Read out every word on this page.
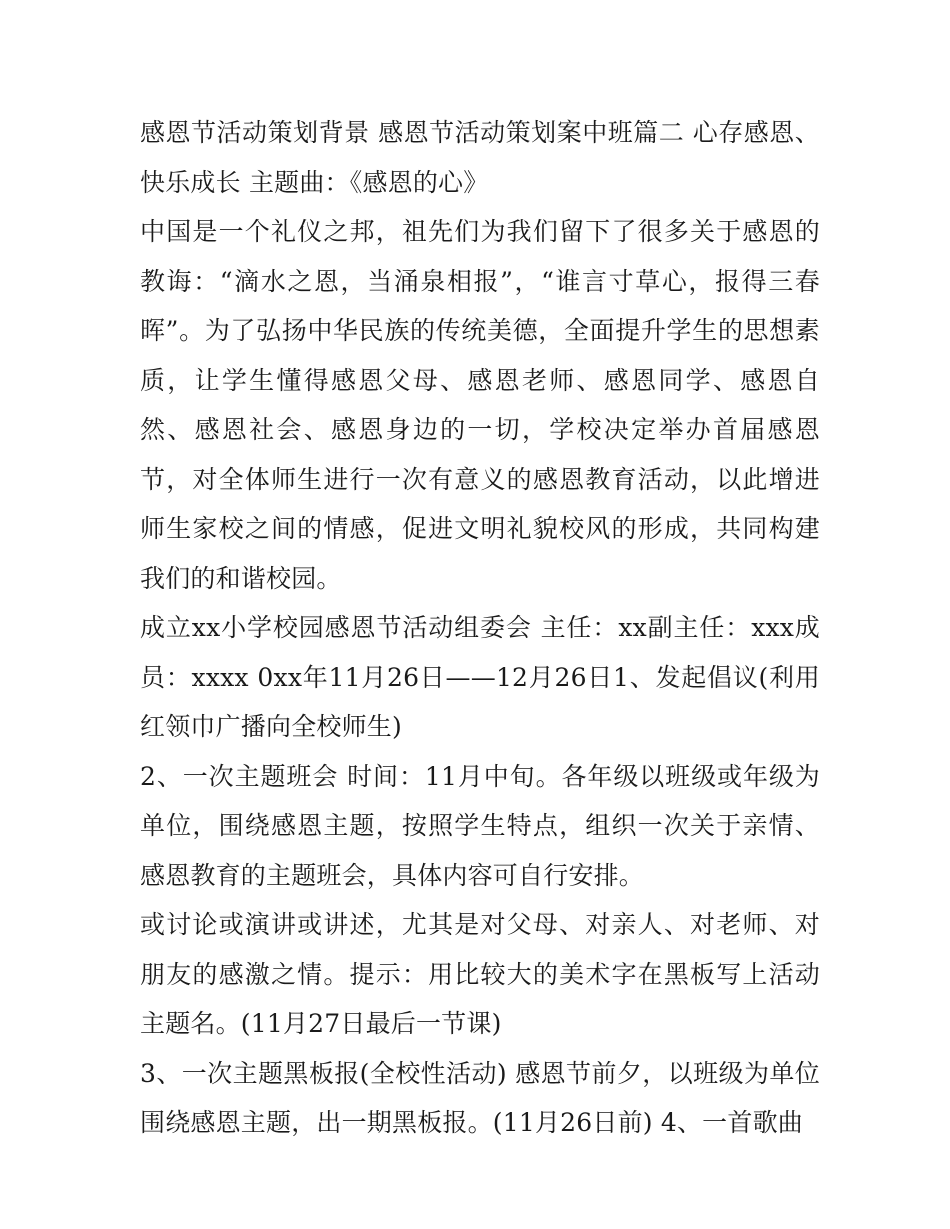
感恩节活动策划背景 感恩节活动策划案中班篇二 心存感恩、快乐成长 主题曲：《感恩的心》

中国是一个礼仪之邦，祖先们为我们留下了很多关于感恩的教诲：“滴水之恩，当涌泉相报”，“谁言寸草心，报得三春晖”。为了弘扬中华民族的传统美德，全面提升学生的思想素质，让学生懂得感恩父母、感恩老师、感恩同学、感恩自然、感恩社会、感恩身边的一切，学校决定举办首届感恩节，对全体师生进行一次有意义的感恩教育活动，以此增进师生家校之间的情感，促进文明礼貌校风的形成，共同构建我们的和谐校园。

成立xx小学校园感恩节活动组委会 主任：xx副主任：xxx成员：xxxx 0xx年11月26日——12月26日1、发起倡议(利用红领巾广播向全校师生)

2、一次主题班会 时间：11月中旬。各年级以班级或年级为单位，围绕感恩主题，按照学生特点，组织一次关于亲情、感恩教育的主题班会，具体内容可自行安排。

或讨论或演讲或讲述，尤其是对父母、对亲人、对老师、对朋友的感激之情。提示：用比较大的美术字在黑板写上活动主题名。(11月27日最后一节课)

3、一次主题黑板报(全校性活动) 感恩节前夕，以班级为单位围绕感恩主题，出一期黑板报。(11月26日前) 4、一首歌曲
